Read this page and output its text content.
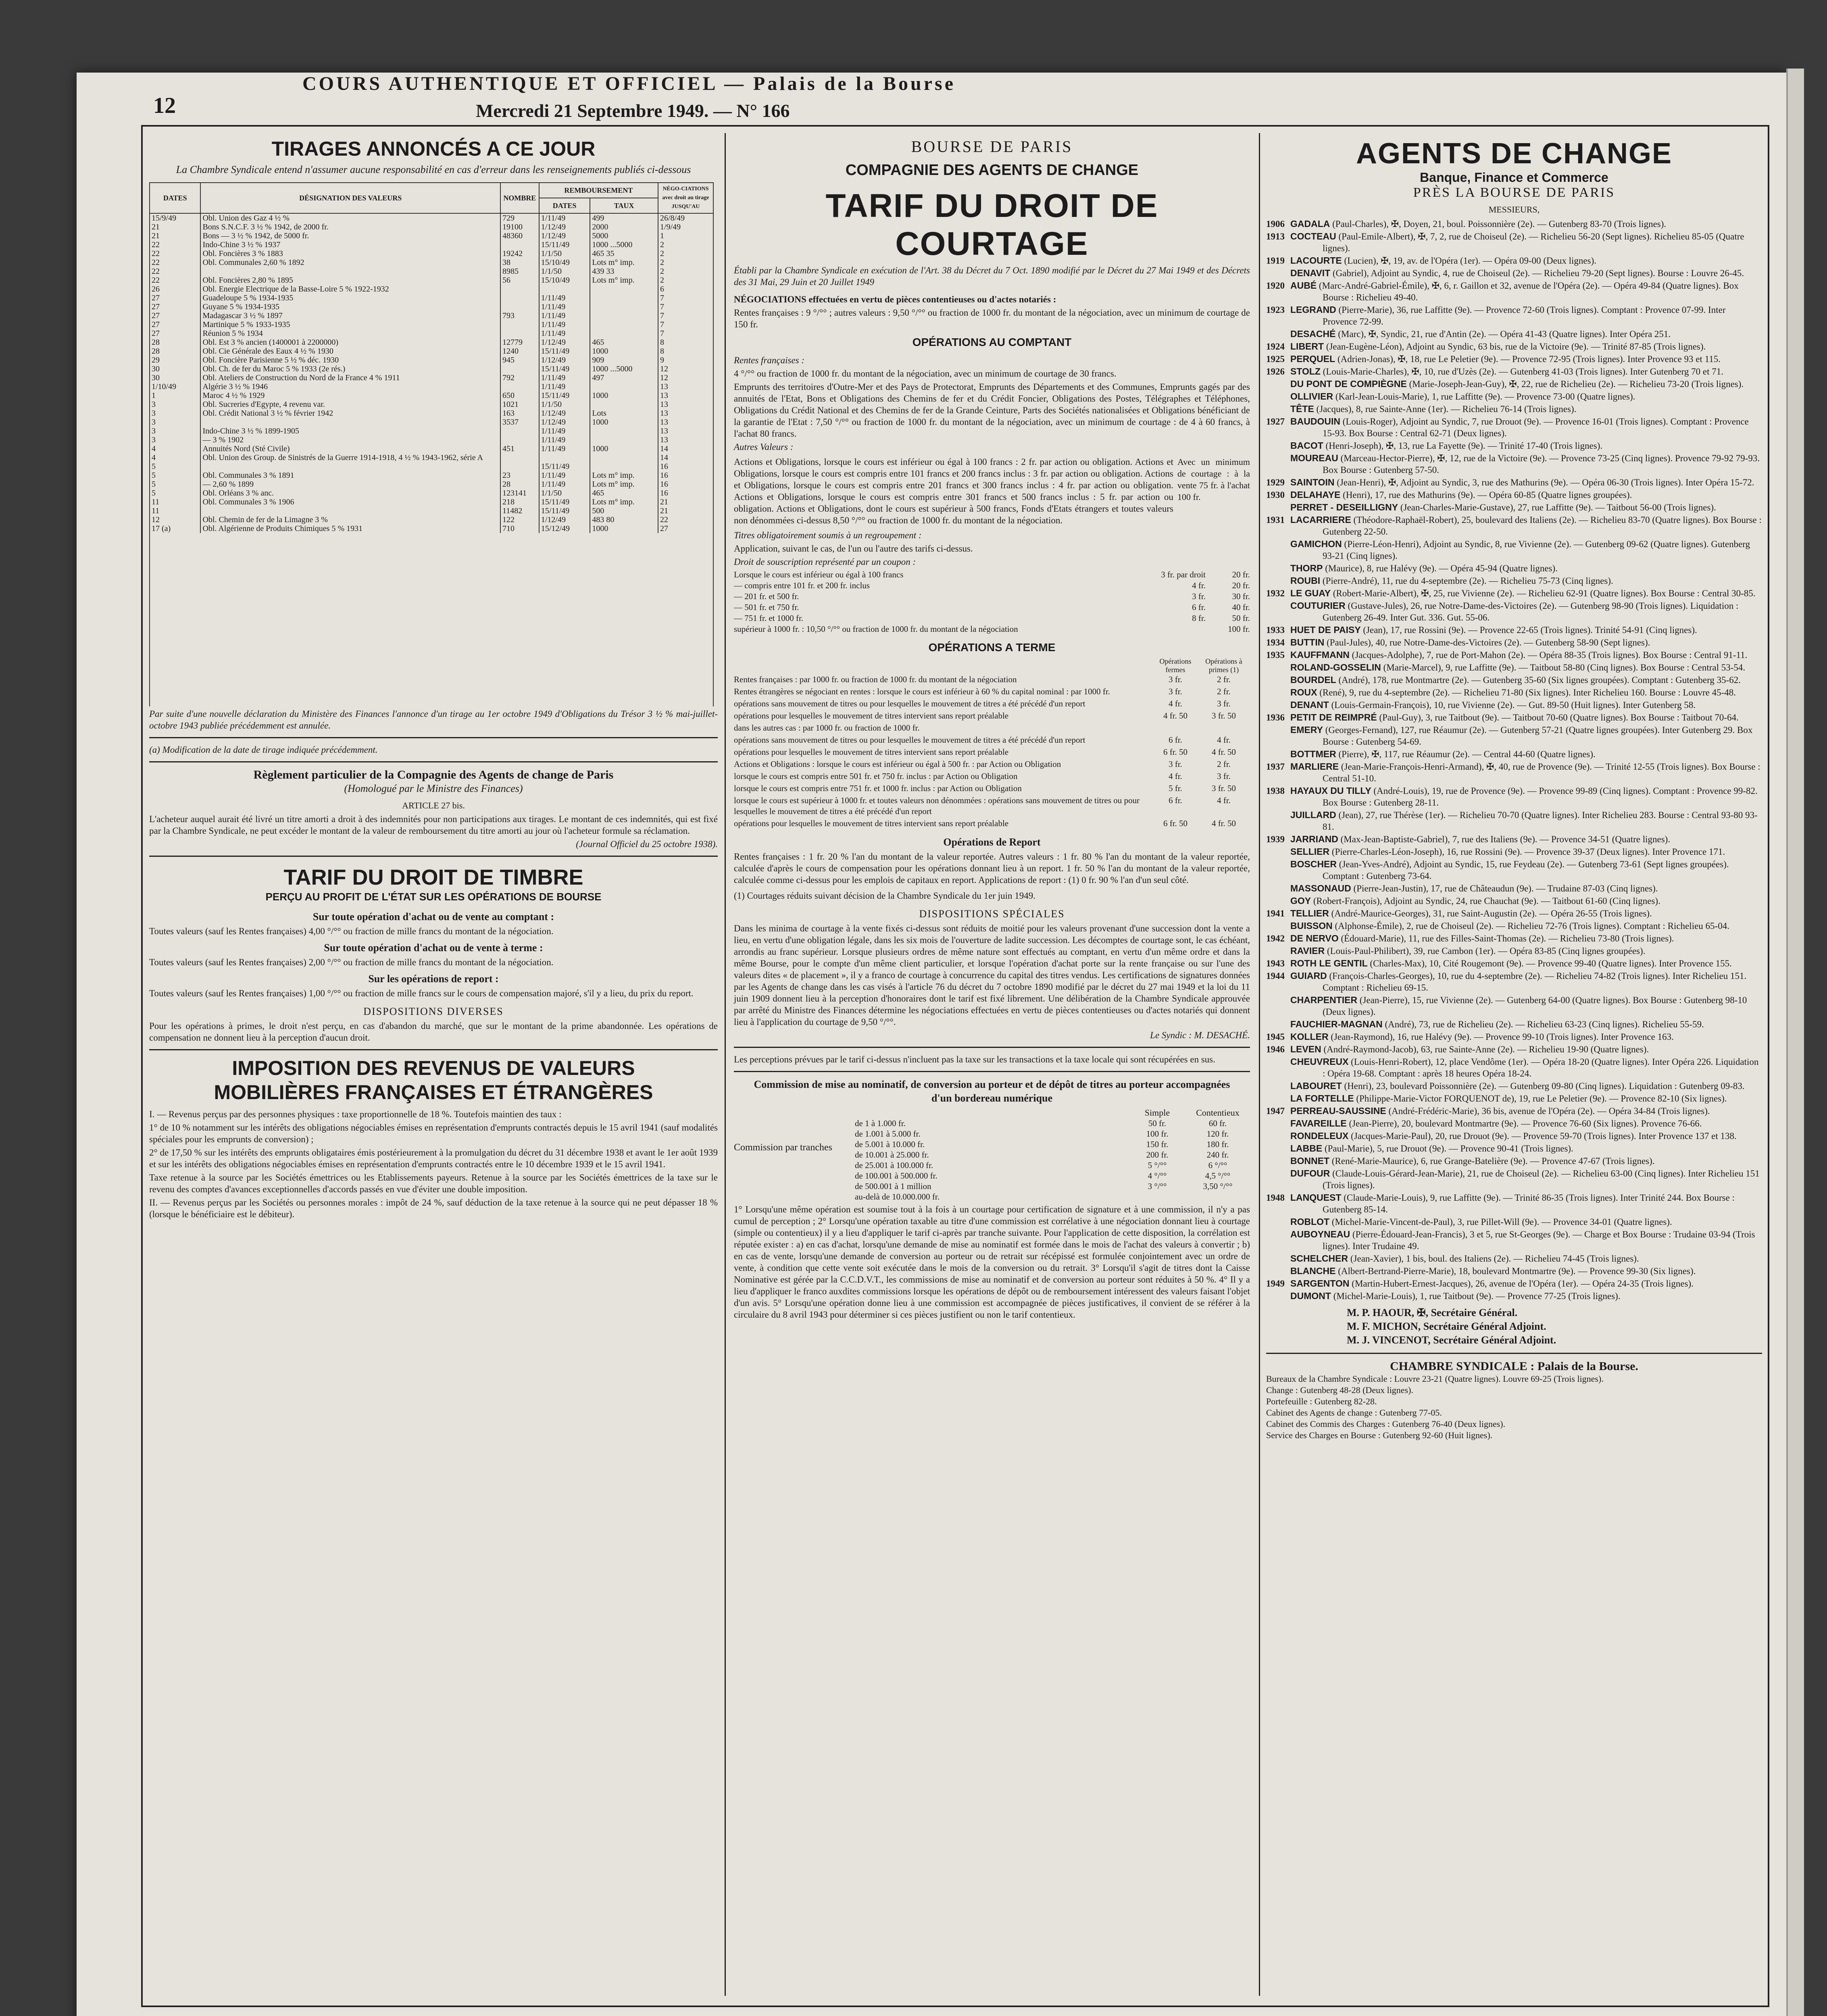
12
COURS AUTHENTIQUE ET OFFICIEL — Palais de la Bourse
Mercredi 21 Septembre 1949. — N° 166
TIRAGES ANNONCÉS A CE JOUR
La Chambre Syndicale entend n'assumer aucune responsabilité en cas d'erreur dans les renseignements publiés ci-dessous
DATES	DÉSIGNATION DES VALEURS	NOMBRE	REMBOURSEMENT		NÉGO-CIATIONS avec droit au tirage JUSQU'AU
			DATES	TAUX	
15/9/49	Obl. Union des Gaz 4 ½ %	729	1/11/49	499	26/8/49
21	Bons S.N.C.F. 3 ½ % 1942, de 2000 fr.	19100	1/12/49	2000	1/9/49
21	Bons — 3 ½ % 1942, de 5000 fr.	48360	1/12/49	5000	1
22	Indo-Chine 3 ½ % 1937		15/11/49	1000 ...5000	2
22	Obl. Foncières 3 % 1883	19242	1/1/50	465 35	2
22	Obl. Communales 2,60 % 1892	38	15/10/49	Lots m° imp.	2
22		8985	1/1/50	439 33	2
22	Obl. Foncières 2,80 % 1895	56	15/10/49	Lots m° imp.	2
26	Obl. Energie Electrique de la Basse-Loire 5 % 1922-1932				6
27	Guadeloupe 5 % 1934-1935		1/11/49		7
27	Guyane 5 % 1934-1935		1/11/49		7
27	Madagascar 3 ½ % 1897	793	1/11/49		7
27	Martinique 5 % 1933-1935		1/11/49		7
27	Réunion 5 % 1934		1/11/49		7
28	Obl. Est 3 % ancien (1400001 à 2200000)	12779	1/12/49	465	8
28	Obl. Cie Générale des Eaux 4 ½ % 1930	1240	15/11/49	1000	8
29	Obl. Foncière Parisienne 5 ½ % déc. 1930	945	1/12/49	909	9
30	Obl. Ch. de fer du Maroc 5 % 1933 (2e rés.)		15/11/49	1000 ...5000	12
30	Obl. Ateliers de Construction du Nord de la France 4 % 1911	792	1/11/49	497	12
1/10/49	Algérie 3 ½ % 1946		1/11/49		13
1	Maroc 4 ½ % 1929	650	15/11/49	1000	13
3	Obl. Sucreries d'Egypte, 4 revenu var.	1021	1/1/50		13
3	Obl. Crédit National 3 ½ % février 1942	163	1/12/49	Lots	13
3		3537	1/12/49	1000	13
3	Indo-Chine 3 ½ % 1899-1905		1/11/49		13
3	— 3 % 1902		1/11/49		13
4	Annuités Nord (Sté Civile)	451	1/11/49	1000	14
4	Obl. Union des Group. de Sinistrés de la Guerre 1914-1918, 4 ½ % 1943-1962, série A				14
5			15/11/49		16
5	Obl. Communales 3 % 1891	23	1/11/49	Lots m° imp.	16
5	— 2,60 % 1899	28	1/11/49	Lots m° imp.	16
5	Obl. Orléans 3 % anc.	123141	1/1/50	465	16
11	Obl. Communales 3 % 1906	218	15/11/49	Lots m° imp.	21
11		11482	15/11/49	500	21
12	Obl. Chemin de fer de la Limagne 3 %	122	1/12/49	483 80	22
17 (a)	Obl. Algérienne de Produits Chimiques 5 % 1931	710	15/12/49	1000	27
Par suite d'une nouvelle déclaration du Ministère des Finances l'annonce d'un tirage au 1er octobre 1949 d'Obligations du Trésor 3 ½ % mai-juillet-octobre 1943 publiée précédemment est annulée.
(a) Modification de la date de tirage indiquée précédemment.
Règlement particulier de la Compagnie des Agents de change de Paris
(Homologué par le Ministre des Finances)
ARTICLE 27 bis.
L'acheteur auquel aurait été livré un titre amorti a droit à des indemnités pour non participations aux tirages. Le montant de ces indemnités, qui est fixé par la Chambre Syndicale, ne peut excéder le montant de la valeur de remboursement du titre amorti au jour où l'acheteur formule sa réclamation.
(Journal Officiel du 25 octobre 1938).
TARIF DU DROIT DE TIMBRE
PERÇU AU PROFIT DE L'ÉTAT SUR LES OPÉRATIONS DE BOURSE
Sur toute opération d'achat ou de vente au comptant :
Toutes valeurs (sauf les Rentes françaises) 4,00 °/°° ou fraction de mille francs du montant de la négociation.
Sur toute opération d'achat ou de vente à terme :
Toutes valeurs (sauf les Rentes françaises) 2,00 °/°° ou fraction de mille francs du montant de la négociation.
Sur les opérations de report :
Toutes valeurs (sauf les Rentes françaises) 1,00 °/°° ou fraction de mille francs sur le cours de compensation majoré, s'il y a lieu, du prix du report.
DISPOSITIONS DIVERSES
Pour les opérations à primes, le droit n'est perçu, en cas d'abandon du marché, que sur le montant de la prime abandonnée. Les opérations de compensation ne donnent lieu à la perception d'aucun droit.
IMPOSITION DES REVENUS DE VALEURS MOBILIÈRES FRANÇAISES ET ÉTRANGÈRES
I. — Revenus perçus par des personnes physiques : taxe proportionnelle de 18 %. Toutefois maintien des taux :
1° de 10 % notamment sur les intérêts des obligations négociables émises en représentation d'emprunts contractés depuis le 15 avril 1941 (sauf modalités spéciales pour les emprunts de conversion) ;
2° de 17,50 % sur les intérêts des emprunts obligataires émis postérieurement à la promulgation du décret du 31 décembre 1938 et avant le 1er août 1939 et sur les intérêts des obligations négociables émises en représentation d'emprunts contractés entre le 10 décembre 1939 et le 15 avril 1941.
Taxe retenue à la source par les Sociétés émettrices ou les Etablissements payeurs. Retenue à la source par les Sociétés émettrices de la taxe sur le revenu des comptes d'avances exceptionnelles d'accords passés en vue d'éviter une double imposition.
II. — Revenus perçus par les Sociétés ou personnes morales : impôt de 24 %, sauf déduction de la taxe retenue à la source qui ne peut dépasser 18 % (lorsque le bénéficiaire est le débiteur).
BOURSE DE PARIS
COMPAGNIE DES AGENTS DE CHANGE
TARIF DU DROIT DE COURTAGE
Établi par la Chambre Syndicale en exécution de l'Art. 38 du Décret du 7 Oct. 1890 modifié par le Décret du 27 Mai 1949 et des Décrets des 31 Mai, 29 Juin et 20 Juillet 1949
NÉGOCIATIONS effectuées en vertu de pièces contentieuses ou d'actes notariés :
Rentes françaises : 9 °/°° ; autres valeurs : 9,50 °/°° ou fraction de 1000 fr. du montant de la négociation, avec un minimum de courtage de 150 fr.
OPÉRATIONS AU COMPTANT
Rentes françaises :
4 °/°° ou fraction de 1000 fr. du montant de la négociation, avec un minimum de courtage de 30 francs.
Emprunts des territoires d'Outre-Mer et des Pays de Protectorat, Emprunts des Départements et des Communes, Emprunts gagés par des annuités de l'Etat, Bons et Obligations des Chemins de fer et du Crédit Foncier, Obligations des Postes, Télégraphes et Téléphones, Obligations du Crédit National et des Chemins de fer de la Grande Ceinture, Parts des Sociétés nationalisées et Obligations bénéficiant de la garantie de l'Etat : 7,50 °/°° ou fraction de 1000 fr. du montant de la négociation, avec un minimum de courtage : de 4 à 60 francs, à l'achat 80 francs.
Autres Valeurs :
Actions et Obligations, lorsque le cours est inférieur ou égal à 100 francs : 2 fr. par action ou obligation. Actions et Obligations, lorsque le cours est compris entre 101 francs et 200 francs inclus : 3 fr. par action ou obligation. Actions et Obligations, lorsque le cours est compris entre 201 francs et 300 francs inclus : 4 fr. par action ou obligation. Actions et Obligations, lorsque le cours est compris entre 301 francs et 500 francs inclus : 5 fr. par action ou obligation. Actions et Obligations, dont le cours est supérieur à 500 francs, Fonds d'Etats étrangers et toutes valeurs non dénommées ci-dessus 8,50 °/°° ou fraction de 1000 fr. du montant de la négociation.
Avec un minimum de courtage : à la vente 75 fr. à l'achat 100 fr.
Titres obligatoirement soumis à un regroupement :
Application, suivant le cas, de l'un ou l'autre des tarifs ci-dessus.
Droit de souscription représenté par un coupon :
Lorsque le cours est inférieur ou égal à 100 francs	3 fr. par droit	20 fr.
— compris entre 101 fr. et 200 fr. inclus	4 fr.	20 fr.
— 201 fr. et 500 fr.	3 fr.	30 fr.
— 501 fr. et 750 fr.	6 fr.	40 fr.
— 751 fr. et 1000 fr.	8 fr.	50 fr.
supérieur à 1000 fr. : 10,50 °/°° ou fraction de 1000 fr. du montant de la négociation	100 fr.
OPÉRATIONS A TERME
Opérations fermes
Opérations à primes (1)
Rentes françaises : par 1000 fr. ou fraction de 1000 fr. du montant de la négociation	3 fr.	2 fr.
Rentes étrangères se négociant en rentes : lorsque le cours est inférieur à 60 % du capital nominal : par 1000 fr.	3 fr.	2 fr.
opérations sans mouvement de titres ou pour lesquelles le mouvement de titres a été précédé d'un report	4 fr.	3 fr.
opérations pour lesquelles le mouvement de titres intervient sans report préalable	4 fr. 50	3 fr. 50
dans les autres cas : par 1000 fr. ou fraction de 1000 fr.
opérations sans mouvement de titres ou pour lesquelles le mouvement de titres a été précédé d'un report	6 fr.	4 fr.
opérations pour lesquelles le mouvement de titres intervient sans report préalable	6 fr. 50	4 fr. 50
Actions et Obligations : lorsque le cours est inférieur ou égal à 500 fr. : par Action ou Obligation	3 fr.	2 fr.
lorsque le cours est compris entre 501 fr. et 750 fr. inclus : par Action ou Obligation	4 fr.	3 fr.
lorsque le cours est compris entre 751 fr. et 1000 fr. inclus : par Action ou Obligation	5 fr.	3 fr. 50
lorsque le cours est supérieur à 1000 fr. et toutes valeurs non dénommées : opérations sans mouvement de titres ou pour lesquelles le mouvement de titres a été précédé d'un report
6 fr.	4 fr.
opérations pour lesquelles le mouvement de titres intervient sans report préalable	6 fr. 50	4 fr. 50
Opérations de Report
Rentes françaises : 1 fr. 20 % l'an du montant de la valeur reportée. Autres valeurs : 1 fr. 80 % l'an du montant de la valeur reportée, calculée d'après le cours de compensation pour les opérations donnant lieu à un report. 1 fr. 50 % l'an du montant de la valeur reportée, calculée comme ci-dessus pour les emplois de capitaux en report. Applications de report : (1) 0 fr. 90 % l'an d'un seul côté.
(1) Courtages réduits suivant décision de la Chambre Syndicale du 1er juin 1949.
DISPOSITIONS SPÉCIALES
Dans les minima de courtage à la vente fixés ci-dessus sont réduits de moitié pour les valeurs provenant d'une succession dont la vente a lieu, en vertu d'une obligation légale, dans les six mois de l'ouverture de ladite succession. Les décomptes de courtage sont, le cas échéant, arrondis au franc supérieur. Lorsque plusieurs ordres de même nature sont effectués au comptant, en vertu d'un même ordre et dans la même Bourse, pour le compte d'un même client particulier, et lorsque l'opération d'achat porte sur la rente française ou sur l'une des valeurs dites « de placement », il y a franco de courtage à concurrence du capital des titres vendus. Les certifications de signatures données par les Agents de change dans les cas visés à l'article 76 du décret du 7 octobre 1890 modifié par le décret du 27 mai 1949 et la loi du 11 juin 1909 donnent lieu à la perception d'honoraires dont le tarif est fixé librement. Une délibération de la Chambre Syndicale approuvée par arrêté du Ministre des Finances détermine les négociations effectuées en vertu de pièces contentieuses ou d'actes notariés qui donnent lieu à l'application du courtage de 9,50 °/°°.
Le Syndic : M. DESACHÉ.
Les perceptions prévues par le tarif ci-dessus n'incluent pas la taxe sur les transactions et la taxe locale qui sont récupérées en sus.
Commission de mise au nominatif, de conversion au porteur et de dépôt de titres au porteur accompagnées d'un bordereau numérique
Simple	Contentieux
Commission par tranches
de 1 à 1.000 fr.	50 fr.	60 fr.
de 1.001 à 5.000 fr.	100 fr.	120 fr.
de 5.001 à 10.000 fr.	150 fr.	180 fr.
de 10.001 à 25.000 fr.	200 fr.	240 fr.
de 25.001 à 100.000 fr.	5 °/°°	6 °/°°
de 100.001 à 500.000 fr.	4 °/°°	4,5 °/°°
de 500.001 à 1 million	3 °/°°	3,50 °/°°
au-delà de 10.000.000 fr.
1° Lorsqu'une même opération est soumise tout à la fois à un courtage pour certification de signature et à une commission, il n'y a pas cumul de perception ; 2° Lorsqu'une opération taxable au titre d'une commission est corrélative à une négociation donnant lieu à courtage (simple ou contentieux) il y a lieu d'appliquer le tarif ci-après par tranche suivante. Pour l'application de cette disposition, la corrélation est réputée exister : a) en cas d'achat, lorsqu'une demande de mise au nominatif est formée dans le mois de l'achat des valeurs à convertir ; b) en cas de vente, lorsqu'une demande de conversion au porteur ou de retrait sur récépissé est formulée conjointement avec un ordre de vente, à condition que cette vente soit exécutée dans le mois de la conversion ou du retrait. 3° Lorsqu'il s'agit de titres dont la Caisse Nominative est gérée par la C.C.D.V.T., les commissions de mise au nominatif et de conversion au porteur sont réduites à 50 %. 4° Il y a lieu d'appliquer le franco auxdites commissions lorsque les opérations de dépôt ou de remboursement intéressent des valeurs faisant l'objet d'un avis. 5° Lorsqu'une opération donne lieu à une commission est accompagnée de pièces justificatives, il convient de se référer à la circulaire du 8 avril 1943 pour déterminer si ces pièces justifient ou non le tarif contentieux.
AGENTS DE CHANGE
Banque, Finance et Commerce
PRÈS LA BOURSE DE PARIS
MESSIEURS,
1906 GADALA (Paul-Charles), ✠, Doyen, 21, boul. Poissonnière (2e). — Gutenberg 83-70 (Trois lignes).
1913 COCTEAU (Paul-Emile-Albert), ✠, 7, 2, rue de Choiseul (2e). — Richelieu 56-20 (Sept lignes). Richelieu 85-05 (Quatre lignes).
1919 LACOURTE (Lucien), ✠, 19, av. de l'Opéra (1er). — Opéra 09-00 (Deux lignes).
DENAVIT (Gabriel), Adjoint au Syndic, 4, rue de Choiseul (2e). — Richelieu 79-20 (Sept lignes). Bourse : Louvre 26-45.
1920 AUBÉ (Marc-André-Gabriel-Émile), ✠, 6, r. Gaillon et 32, avenue de l'Opéra (2e). — Opéra 49-84 (Quatre lignes). Box Bourse : Richelieu 49-40.
1923 LEGRAND (Pierre-Marie), 36, rue Laffitte (9e). — Provence 72-60 (Trois lignes). Comptant : Provence 07-99. Inter Provence 72-99.
DESACHÉ (Marc), ✠, Syndic, 21, rue d'Antin (2e). — Opéra 41-43 (Quatre lignes). Inter Opéra 251.
1924 LIBERT (Jean-Eugène-Léon), Adjoint au Syndic, 63 bis, rue de la Victoire (9e). — Trinité 87-85 (Trois lignes).
1925 PERQUEL (Adrien-Jonas), ✠, 18, rue Le Peletier (9e). — Provence 72-95 (Trois lignes). Inter Provence 93 et 115.
1926 STOLZ (Louis-Marie-Charles), ✠, 10, rue d'Uzès (2e). — Gutenberg 41-03 (Trois lignes). Inter Gutenberg 70 et 71.
DU PONT DE COMPIÈGNE (Marie-Joseph-Jean-Guy), ✠, 22, rue de Richelieu (2e). — Richelieu 73-20 (Trois lignes).
OLLIVIER (Karl-Jean-Louis-Marie), 1, rue Laffitte (9e). — Provence 73-00 (Quatre lignes).
TÊTE (Jacques), 8, rue Sainte-Anne (1er). — Richelieu 76-14 (Trois lignes).
1927 BAUDOUIN (Louis-Roger), Adjoint au Syndic, 7, rue Drouot (9e). — Provence 16-01 (Trois lignes). Comptant : Provence 15-93. Box Bourse : Central 62-71 (Deux lignes).
BACOT (Henri-Joseph), ✠, 13, rue La Fayette (9e). — Trinité 17-40 (Trois lignes).
MOUREAU (Marceau-Hector-Pierre), ✠, 12, rue de la Victoire (9e). — Provence 73-25 (Cinq lignes). Provence 79-92 79-93. Box Bourse : Gutenberg 57-50.
1929 SAINTOIN (Jean-Henri), ✠, Adjoint au Syndic, 3, rue des Mathurins (9e). — Opéra 06-30 (Trois lignes). Inter Opéra 15-72.
1930 DELAHAYE (Henri), 17, rue des Mathurins (9e). — Opéra 60-85 (Quatre lignes groupées).
PERRET - DESEILLIGNY (Jean-Charles-Marie-Gustave), 27, rue Laffitte (9e). — Taitbout 56-00 (Trois lignes).
1931 LACARRIERE (Théodore-Raphaël-Robert), 25, boulevard des Italiens (2e). — Richelieu 83-70 (Quatre lignes). Box Bourse : Gutenberg 22-50.
GAMICHON (Pierre-Léon-Henri), Adjoint au Syndic, 8, rue Vivienne (2e). — Gutenberg 09-62 (Quatre lignes). Gutenberg 93-21 (Cinq lignes).
THORP (Maurice), 8, rue Halévy (9e). — Opéra 45-94 (Quatre lignes).
ROUBI (Pierre-André), 11, rue du 4-septembre (2e). — Richelieu 75-73 (Cinq lignes).
1932 LE GUAY (Robert-Marie-Albert), ✠, 25, rue Vivienne (2e). — Richelieu 62-91 (Quatre lignes). Box Bourse : Central 30-85.
COUTURIER (Gustave-Jules), 26, rue Notre-Dame-des-Victoires (2e). — Gutenberg 98-90 (Trois lignes). Liquidation : Gutenberg 26-49. Inter Gut. 336. Gut. 55-06.
1933 HUET DE PAISY (Jean), 17, rue Rossini (9e). — Provence 22-65 (Trois lignes). Trinité 54-91 (Cinq lignes).
1934 BUTTIN (Paul-Jules), 40, rue Notre-Dame-des-Victoires (2e). — Gutenberg 58-90 (Sept lignes).
1935 KAUFFMANN (Jacques-Adolphe), 7, rue de Port-Mahon (2e). — Opéra 88-35 (Trois lignes). Box Bourse : Central 91-11.
ROLAND-GOSSELIN (Marie-Marcel), 9, rue Laffitte (9e). — Taitbout 58-80 (Cinq lignes). Box Bourse : Central 53-54.
BOURDEL (André), 178, rue Montmartre (2e). — Gutenberg 35-60 (Six lignes groupées). Comptant : Gutenberg 35-62.
ROUX (René), 9, rue du 4-septembre (2e). — Richelieu 71-80 (Six lignes). Inter Richelieu 160. Bourse : Louvre 45-48.
DENANT (Louis-Germain-François), 10, rue Vivienne (2e). — Gut. 89-50 (Huit lignes). Inter Gutenberg 58.
1936 PETIT DE REIMPRÉ (Paul-Guy), 3, rue Taitbout (9e). — Taitbout 70-60 (Quatre lignes). Box Bourse : Taitbout 70-64.
EMERY (Georges-Fernand), 127, rue Réaumur (2e). — Gutenberg 57-21 (Quatre lignes groupées). Inter Gutenberg 29. Box Bourse : Gutenberg 54-69.
BOTTMER (Pierre), ✠, 117, rue Réaumur (2e). — Central 44-60 (Quatre lignes).
1937 MARLIERE (Jean-Marie-François-Henri-Armand), ✠, 40, rue de Provence (9e). — Trinité 12-55 (Trois lignes). Box Bourse : Central 51-10.
1938 HAYAUX DU TILLY (André-Louis), 19, rue de Provence (9e). — Provence 99-89 (Cinq lignes). Comptant : Provence 99-82. Box Bourse : Gutenberg 28-11.
JUILLARD (Jean), 27, rue Thérèse (1er). — Richelieu 70-70 (Quatre lignes). Inter Richelieu 283. Bourse : Central 93-80 93-81.
1939 JARRIAND (Max-Jean-Baptiste-Gabriel), 7, rue des Italiens (9e). — Provence 34-51 (Quatre lignes).
SELLIER (Pierre-Charles-Léon-Joseph), 16, rue Rossini (9e). — Provence 39-37 (Deux lignes). Inter Provence 171.
BOSCHER (Jean-Yves-André), Adjoint au Syndic, 15, rue Feydeau (2e). — Gutenberg 73-61 (Sept lignes groupées). Comptant : Gutenberg 73-64.
MASSONAUD (Pierre-Jean-Justin), 17, rue de Châteaudun (9e). — Trudaine 87-03 (Cinq lignes).
GOY (Robert-François), Adjoint au Syndic, 24, rue Chauchat (9e). — Taitbout 61-60 (Cinq lignes).
1941 TELLIER (André-Maurice-Georges), 31, rue Saint-Augustin (2e). — Opéra 26-55 (Trois lignes).
BUISSON (Alphonse-Émile), 2, rue de Choiseul (2e). — Richelieu 72-76 (Trois lignes). Comptant : Richelieu 65-04.
1942 DE NERVO (Édouard-Marie), 11, rue des Filles-Saint-Thomas (2e). — Richelieu 73-80 (Trois lignes).
RAVIER (Louis-Paul-Philibert), 39, rue Cambon (1er). — Opéra 83-85 (Cinq lignes groupées).
1943 ROTH LE GENTIL (Charles-Max), 10, Cité Rougemont (9e). — Provence 99-40 (Quatre lignes). Inter Provence 155.
1944 GUIARD (François-Charles-Georges), 10, rue du 4-septembre (2e). — Richelieu 74-82 (Trois lignes). Inter Richelieu 151. Comptant : Richelieu 69-15.
CHARPENTIER (Jean-Pierre), 15, rue Vivienne (2e). — Gutenberg 64-00 (Quatre lignes). Box Bourse : Gutenberg 98-10 (Deux lignes).
FAUCHIER-MAGNAN (André), 73, rue de Richelieu (2e). — Richelieu 63-23 (Cinq lignes). Richelieu 55-59.
1945 KOLLER (Jean-Raymond), 16, rue Halévy (9e). — Provence 99-10 (Trois lignes). Inter Provence 163.
1946 LEVEN (André-Raymond-Jacob), 63, rue Sainte-Anne (2e). — Richelieu 19-90 (Quatre lignes).
CHEUVREUX (Louis-Henri-Robert), 12, place Vendôme (1er). — Opéra 18-20 (Quatre lignes). Inter Opéra 226. Liquidation : Opéra 19-68. Comptant : après 18 heures Opéra 18-24.
LABOURET (Henri), 23, boulevard Poissonnière (2e). — Gutenberg 09-80 (Cinq lignes). Liquidation : Gutenberg 09-83.
LA FORTELLE (Philippe-Marie-Victor FORQUENOT de), 19, rue Le Peletier (9e). — Provence 82-10 (Six lignes).
1947 PERREAU-SAUSSINE (André-Frédéric-Marie), 36 bis, avenue de l'Opéra (2e). — Opéra 34-84 (Trois lignes).
FAVAREILLE (Jean-Pierre), 20, boulevard Montmartre (9e). — Provence 76-60 (Six lignes). Provence 76-66.
RONDELEUX (Jacques-Marie-Paul), 20, rue Drouot (9e). — Provence 59-70 (Trois lignes). Inter Provence 137 et 138.
LABBE (Paul-Marie), 5, rue Drouot (9e). — Provence 90-41 (Trois lignes).
BONNET (René-Marie-Maurice), 6, rue Grange-Batelière (9e). — Provence 47-67 (Trois lignes).
DUFOUR (Claude-Louis-Gérard-Jean-Marie), 21, rue de Choiseul (2e). — Richelieu 63-00 (Cinq lignes). Inter Richelieu 151 (Trois lignes).
1948 LANQUEST (Claude-Marie-Louis), 9, rue Laffitte (9e). — Trinité 86-35 (Trois lignes). Inter Trinité 244. Box Bourse : Gutenberg 85-14.
ROBLOT (Michel-Marie-Vincent-de-Paul), 3, rue Pillet-Will (9e). — Provence 34-01 (Quatre lignes).
AUBOYNEAU (Pierre-Édouard-Jean-Francis), 3 et 5, rue St-Georges (9e). — Charge et Box Bourse : Trudaine 03-94 (Trois lignes). Inter Trudaine 49.
SCHELCHER (Jean-Xavier), 1 bis, boul. des Italiens (2e). — Richelieu 74-45 (Trois lignes).
BLANCHE (Albert-Bertrand-Pierre-Marie), 18, boulevard Montmartre (9e). — Provence 99-30 (Six lignes).
1949 SARGENTON (Martin-Hubert-Ernest-Jacques), 26, avenue de l'Opéra (1er). — Opéra 24-35 (Trois lignes).
DUMONT (Michel-Marie-Louis), 1, rue Taitbout (9e). — Provence 77-25 (Trois lignes).
M. P. HAOUR, ✠, Secrétaire Général.
M. F. MICHON, Secrétaire Général Adjoint.
M. J. VINCENOT, Secrétaire Général Adjoint.
CHAMBRE SYNDICALE : Palais de la Bourse.
Bureaux de la Chambre Syndicale : Louvre 23-21 (Quatre lignes). Louvre 69-25 (Trois lignes).
Change : Gutenberg 48-28 (Deux lignes).
Portefeuille : Gutenberg 82-28.
Cabinet des Agents de change : Gutenberg 77-05.
Cabinet des Commis des Charges : Gutenberg 76-40 (Deux lignes).
Service des Charges en Bourse : Gutenberg 92-60 (Huit lignes).
